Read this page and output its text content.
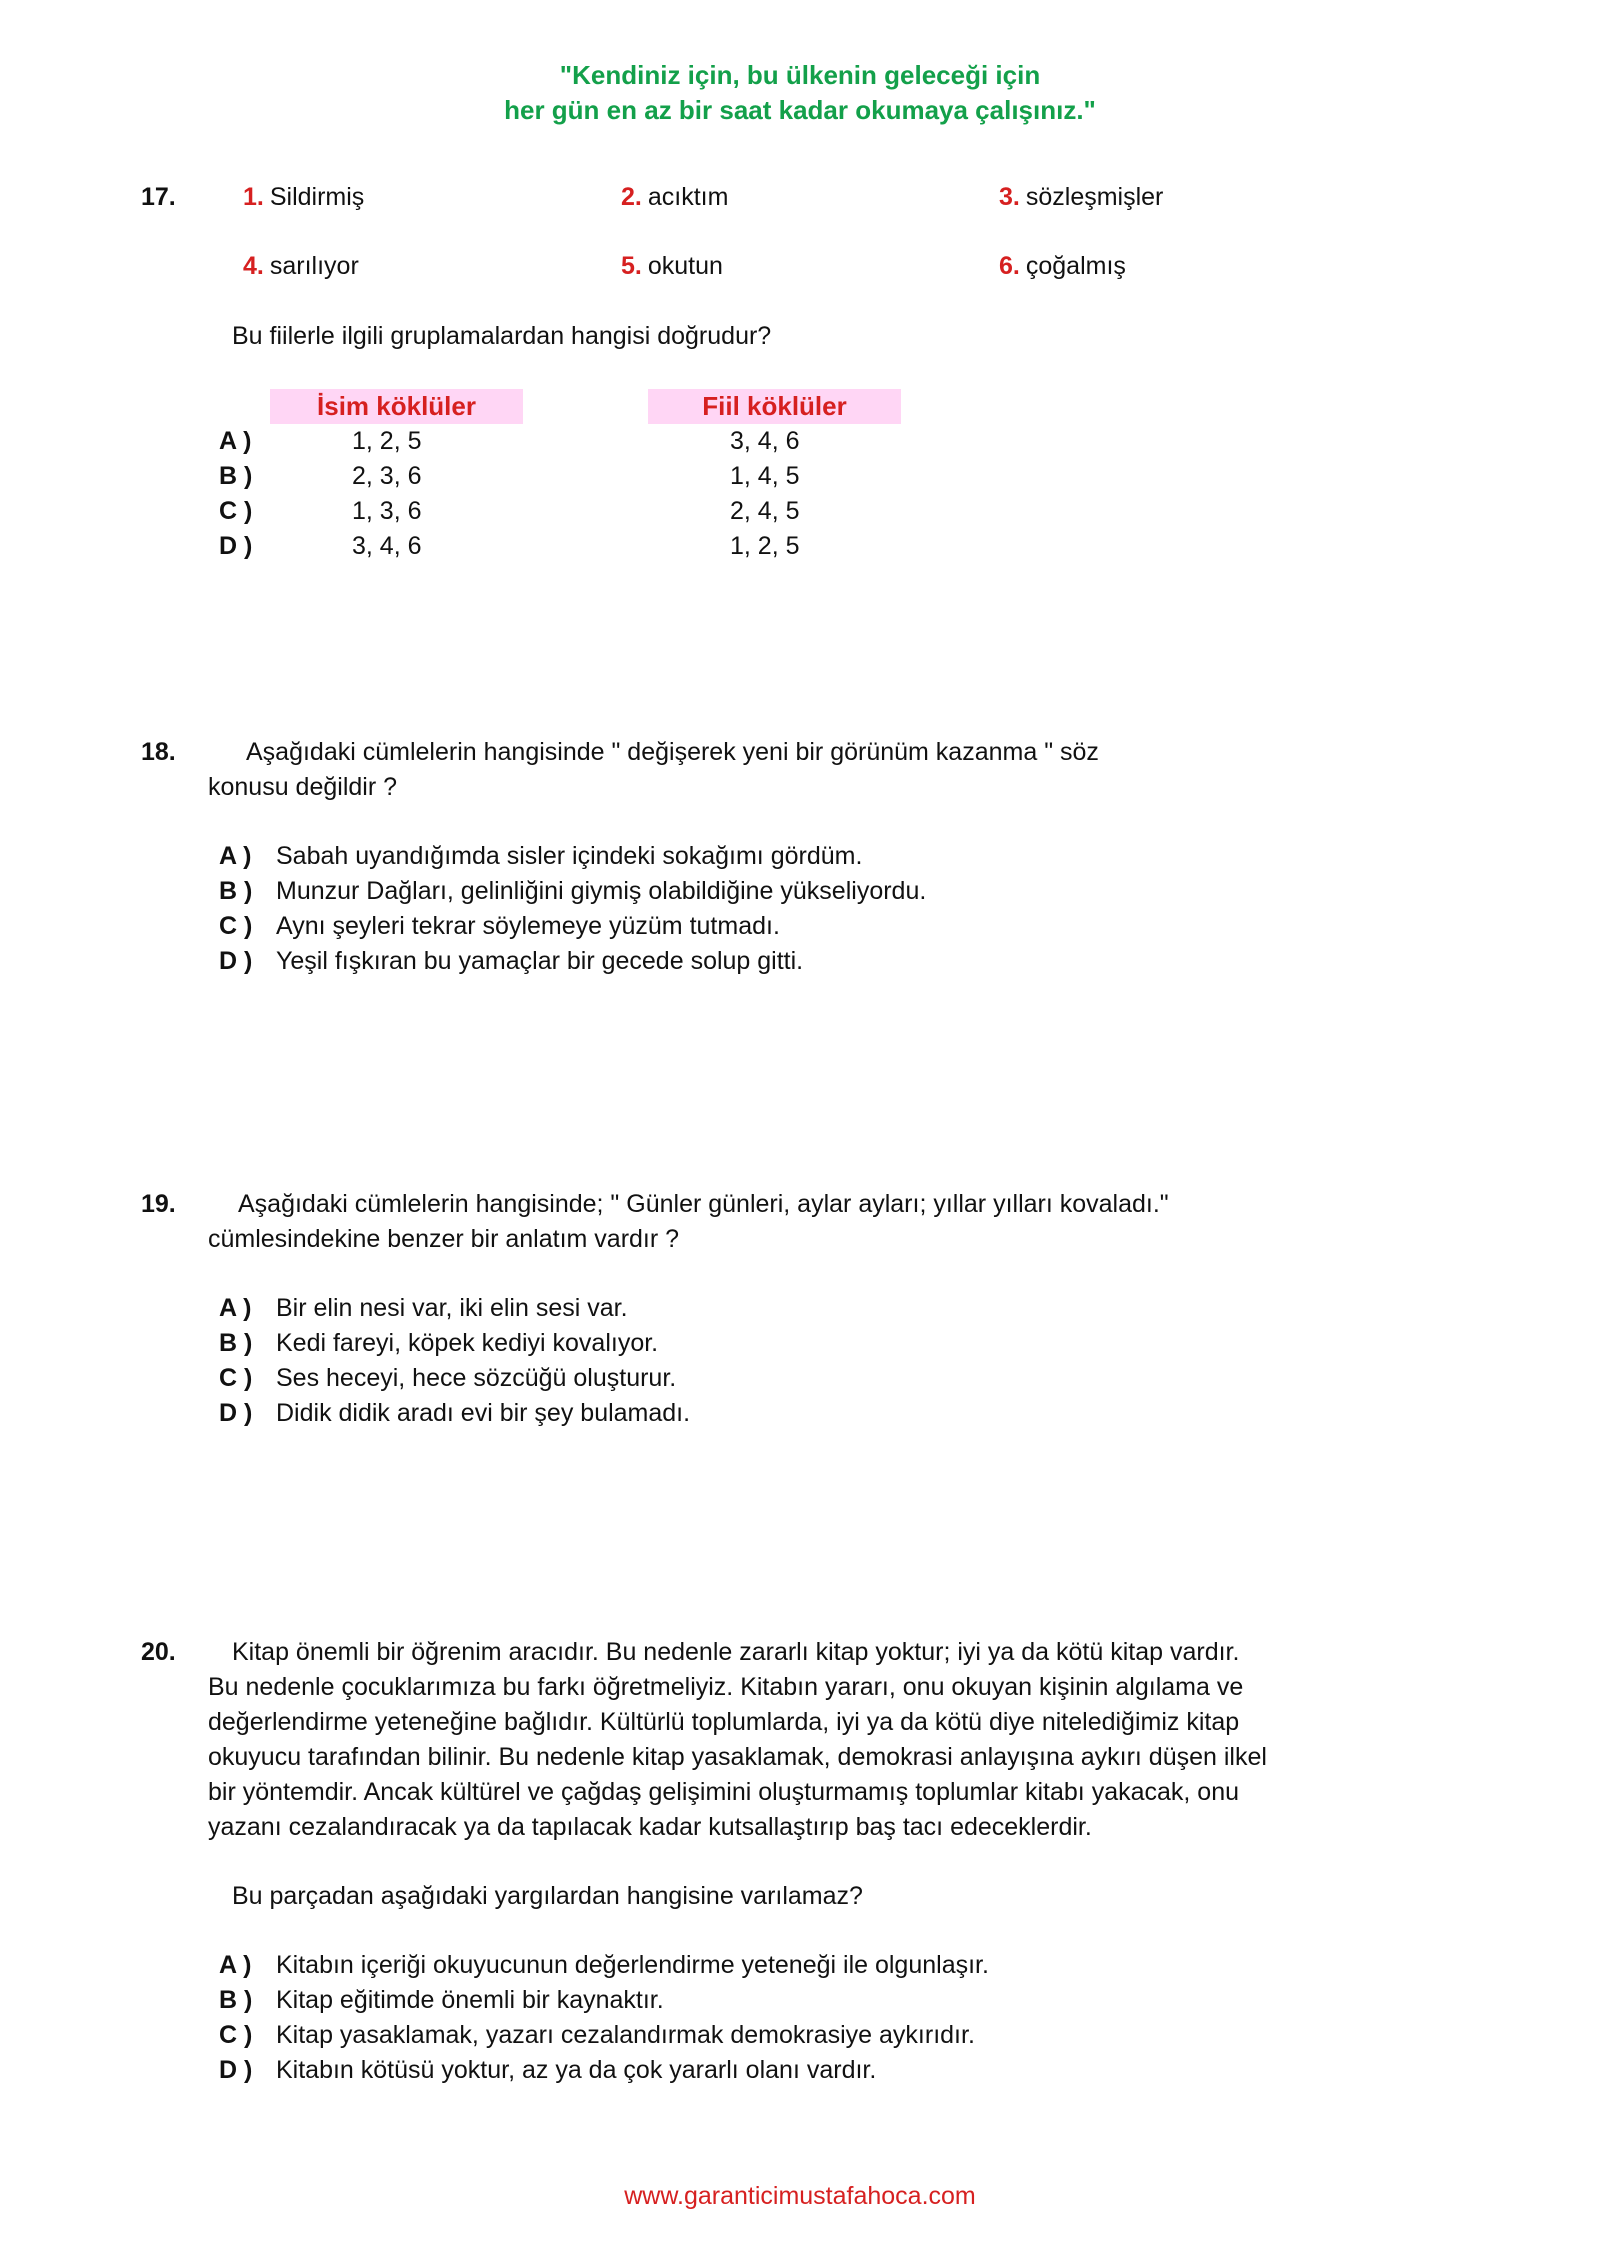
"Kendiniz için, bu ülkenin geleceği için
her gün en az bir saat kadar okumaya çalışınız."
17.	1. Sildirmiş	2. acıktım	3. sözleşmişler
4. sarılıyor	5. okutun	6. çoğalmış
Bu fiilerle ilgili gruplamalardan hangisi doğrudur?
İsim köklüler	Fiil köklüler
A )	1, 2, 5	3, 4, 6
B )	2, 3, 6	1, 4, 5
C )	1, 3, 6	2, 4, 5
D )	3, 4, 6	1, 2, 5
18.	Aşağıdaki cümlelerin hangisinde " değişerek yeni bir görünüm kazanma " söz
konusu değildir ?
A ) Sabah uyandığımda sisler içindeki sokağımı gördüm.
B ) Munzur Dağları, gelinliğini giymiş olabildiğine yükseliyordu.
C ) Aynı şeyleri tekrar söylemeye yüzüm tutmadı.
D ) Yeşil fışkıran bu yamaçlar bir gecede solup gitti.
19. Aşağıdaki cümlelerin hangisinde; " Günler günleri, aylar ayları; yıllar yılları kovaladı."
cümlesindekine benzer bir anlatım vardır ?
A ) Bir elin nesi var, iki elin sesi var.
B ) Kedi fareyi, köpek kediyi kovalıyor.
C ) Ses heceyi, hece sözcüğü oluşturur.
D ) Didik didik aradı evi bir şey bulamadı.
20. Kitap önemli bir öğrenim aracıdır. Bu nedenle zararlı kitap yoktur; iyi ya da kötü kitap vardır.
Bu nedenle çocuklarımıza bu farkı öğretmeliyiz. Kitabın yararı, onu okuyan kişinin algılama ve
değerlendirme yeteneğine bağlıdır. Kültürlü toplumlarda, iyi ya da kötü diye nitelediğimiz kitap
okuyucu tarafından bilinir. Bu nedenle kitap yasaklamak, demokrasi anlayışına aykırı düşen ilkel
bir yöntemdir. Ancak kültürel ve çağdaş gelişimini oluşturmamış toplumlar kitabı yakacak, onu
yazanı cezalandıracak ya da tapılacak kadar kutsallaştırıp baş tacı edeceklerdir.
Bu parçadan aşağıdaki yargılardan hangisine varılamaz?
A ) Kitabın içeriği okuyucunun değerlendirme yeteneği ile olgunlaşır.
B ) Kitap eğitimde önemli bir kaynaktır.
C ) Kitap yasaklamak, yazarı cezalandırmak demokrasiye aykırıdır.
D ) Kitabın kötüsü yoktur, az ya da çok yararlı olanı vardır.
www.garanticimustafahoca.com
